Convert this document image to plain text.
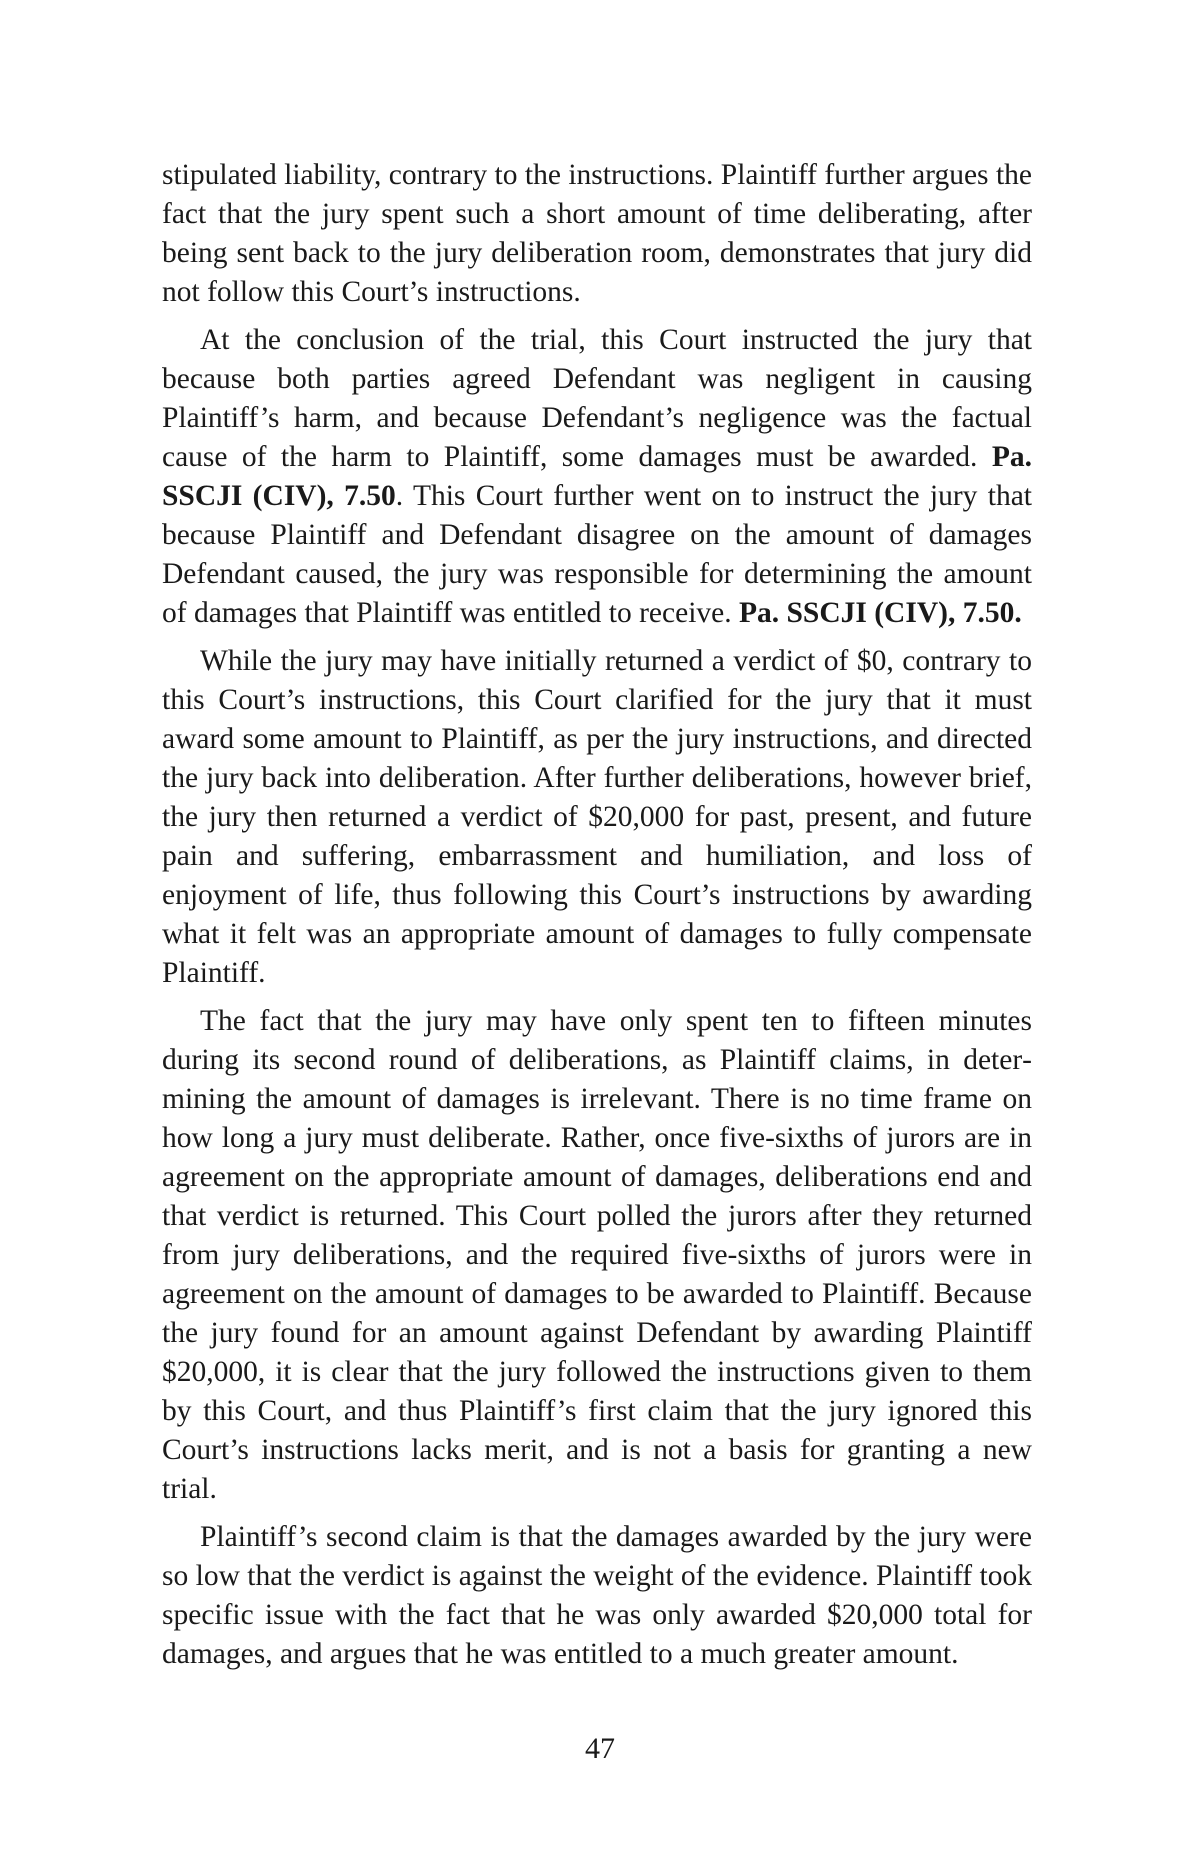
stipulated liability, contrary to the instructions. Plaintiff further argues the fact that the jury spent such a short amount of time deliberating, after being sent back to the jury deliberation room, demonstrates that jury did not follow this Court’s instructions.

At the conclusion of the trial, this Court instructed the jury that because both parties agreed Defendant was negligent in causing Plaintiff’s harm, and because Defendant’s negligence was the factual cause of the harm to Plaintiff, some damages must be awarded. Pa. SSCJI (CIV), 7.50. This Court further went on to instruct the jury that because Plaintiff and Defendant disagree on the amount of damages Defendant caused, the jury was responsible for determining the amount of damages that Plaintiff was entitled to receive. Pa. SSCJI (CIV), 7.50.

While the jury may have initially returned a verdict of $0, contrary to this Court’s instructions, this Court clarified for the jury that it must award some amount to Plaintiff, as per the jury instructions, and directed the jury back into deliberation. After further deliberations, however brief, the jury then returned a verdict of $20,000 for past, present, and future pain and suffering, embarrassment and humiliation, and loss of enjoyment of life, thus following this Court’s instructions by awarding what it felt was an appropriate amount of damages to fully compensate Plaintiff.

The fact that the jury may have only spent ten to fifteen minutes during its second round of deliberations, as Plaintiff claims, in determining the amount of damages is irrelevant. There is no time frame on how long a jury must deliberate. Rather, once five-sixths of jurors are in agreement on the appropriate amount of damages, deliberations end and that verdict is returned. This Court polled the jurors after they returned from jury deliberations, and the required five-sixths of jurors were in agreement on the amount of damages to be awarded to Plaintiff. Because the jury found for an amount against Defendant by awarding Plaintiff $20,000, it is clear that the jury followed the instructions given to them by this Court, and thus Plaintiff’s first claim that the jury ignored this Court’s instructions lacks merit, and is not a basis for granting a new trial.

Plaintiff’s second claim is that the damages awarded by the jury were so low that the verdict is against the weight of the evidence. Plaintiff took specific issue with the fact that he was only awarded $20,000 total for damages, and argues that he was entitled to a much greater amount.

47
